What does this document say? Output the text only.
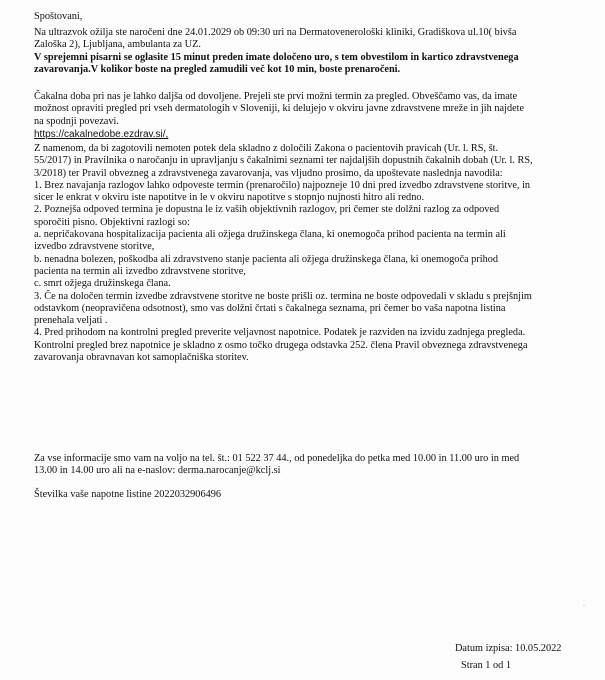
Spoštovani,

Na ultrazvok ožilja ste naročeni dne 24.01.2029 ob 09:30 uri na Dermatovenerološki kliniki, Gradiškova ul.10( bivša

Zaloška 2), Ljubljana, ambulanta za UZ.

V sprejemni pisarni se oglasite 15 minut preden imate določeno uro, s tem obvestilom in kartico zdravstvenega

zavarovanja.V kolikor boste na pregled zamudili več kot 10 min, boste prenaročeni.

Čakalna doba pri nas je lahko daljša od dovoljene. Prejeli ste prvi možni termin za pregled. Obveščamo vas, da imate

možnost opraviti pregled pri vseh dermatologih v Sloveniji, ki delujejo v okviru javne zdravstvene mreže in jih najdete

na spodnji povezavi.

https://cakalnedobe.ezdrav.si/,

Z namenom, da bi zagotovili nemoten potek dela skladno z določili Zakona o pacientovih pravicah (Ur. l. RS, št.

55/2017) in Pravilnika o naročanju in upravljanju s čakalnimi seznami ter najdaljših dopustnih čakalnih dobah (Ur. l. RS,

3/2018) ter Pravil obvezneg a zdravstvenega zavarovanja, vas vljudno prosimo, da upoštevate naslednja navodila:

1. Brez navajanja razlogov lahko odpoveste termin (prenaročilo) najpozneje 10 dni pred izvedbo zdravstvene storitve, in

sicer le enkrat v okviru iste napotitve in le v okviru napotitve s stopnjo nujnosti hitro ali redno.

2. Poznejša odpoved termina je dopustna le iz vaših objektivnih razlogov, pri čemer ste dolžni razlog za odpoved

sporočiti pisno. Objektivni razlogi so:

a. nepričakovana hospitalizacija pacienta ali ožjega družinskega člana, ki onemogoča prihod pacienta na termin ali

izvedbo zdravstvene storitve,

b. nenadna bolezen, poškodba ali zdravstveno stanje pacienta ali ožjega družinskega člana, ki onemogoča prihod

pacienta na termin ali izvedbo zdravstvene storitve,

c. smrt ožjega družinskega člana.

3. Če na določen termin izvedbe zdravstvene storitve ne boste prišli oz. termina ne boste odpovedali v skladu s prejšnjim

odstavkom (neopravičena odsotnost), smo vas dolžni črtati s čakalnega seznama, pri čemer bo vaša napotna listina

prenehala veljati .

4. Pred prihodom na kontrolni pregled preverite veljavnost napotnice. Podatek je razviden na izvidu zadnjega pregleda.

Kontrolni pregled brez napotnice je skladno z osmo točko drugega odstavka 252. člena Pravil obveznega zdravstvenega

zavarovanja obravnavan kot samoplačniška storitev.

Za vse informacije smo vam na voljo na tel. št.: 01 522 37 44., od ponedeljka do petka med 10.00 in 11.00 uro in med

13.00 in 14.00 uro ali na e-naslov: derma.narocanje@kclj.si

Številka vaše napotne listine 2022032906496

Datum izpisa: 10.05.2022
Stran 1 od 1
